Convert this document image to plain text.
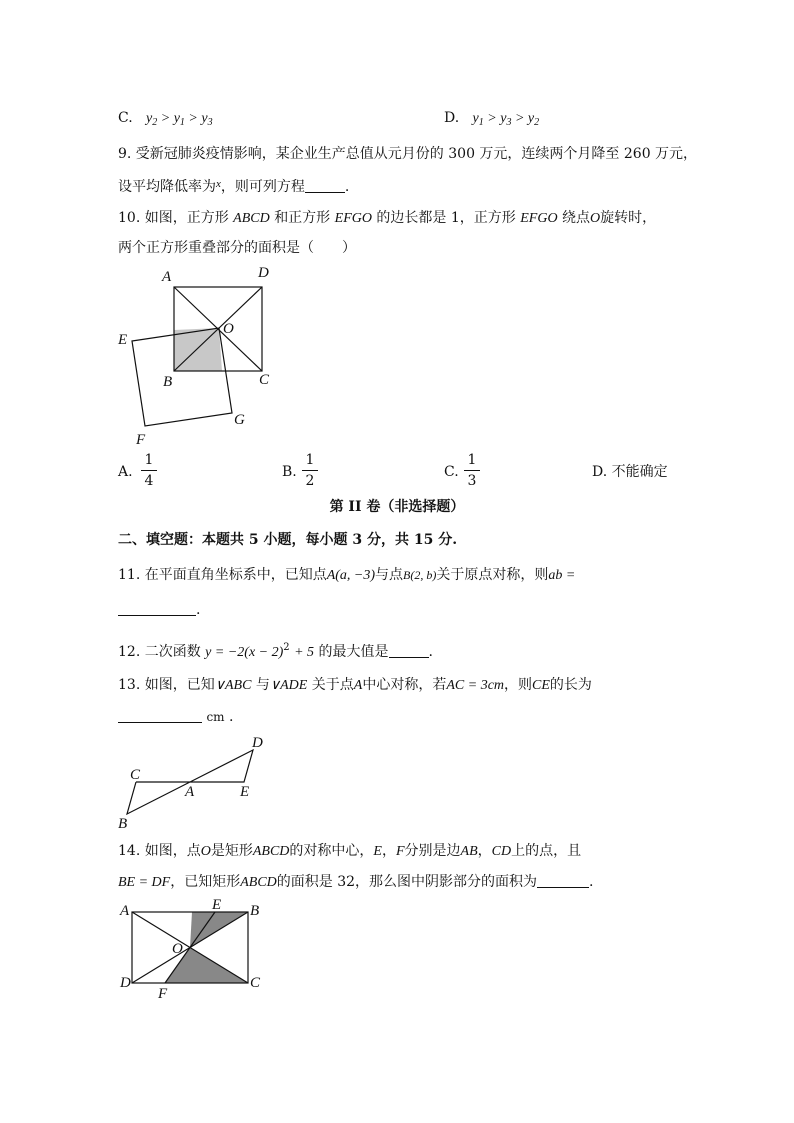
C. $y_2 > y_1 > y_3$	D. $y_1 > y_3 > y_2$
9. 受新冠肺炎疫情影响，某企业生产总值从元月份的 300 万元，连续两个月降至 260 万元，
设平均降低率为$^x$，则可列方程	.
10. 如图，正方形 ABCD 和正方形 EFGO 的边长都是 1，正方形 EFGO 绕点O旋转时，
两个正方形重叠部分的面积是（　　）
A	D
O
E
B	C
G
F
A.
1
4
B.
1
2
C.
1
3
D. 不能确定
第 II 卷（非选择题）
二、填空题：本题共 5 小题，每小题 3 分，共 15 分.
11. 在平面直角坐标系中，已知点A(a, −3)与点B(2, b)关于原点对称，则ab =
.
12. 二次函数 $y = -2(x - 2)^2 + 5$ 的最大值是	.
13. 如图，已知∨ABC 与∨ADE 关于点A中心对称，若AC = 3cm，则CE的长为
cm .
C
A	E
D
B
14. 如图，点O是矩形ABCD的对称中心，E，F分别是边AB，CD上的点，且
BE = DF，已知矩形ABCD的面积是 32，那么图中阴影部分的面积为	.
A	E B
O
D	C
F
